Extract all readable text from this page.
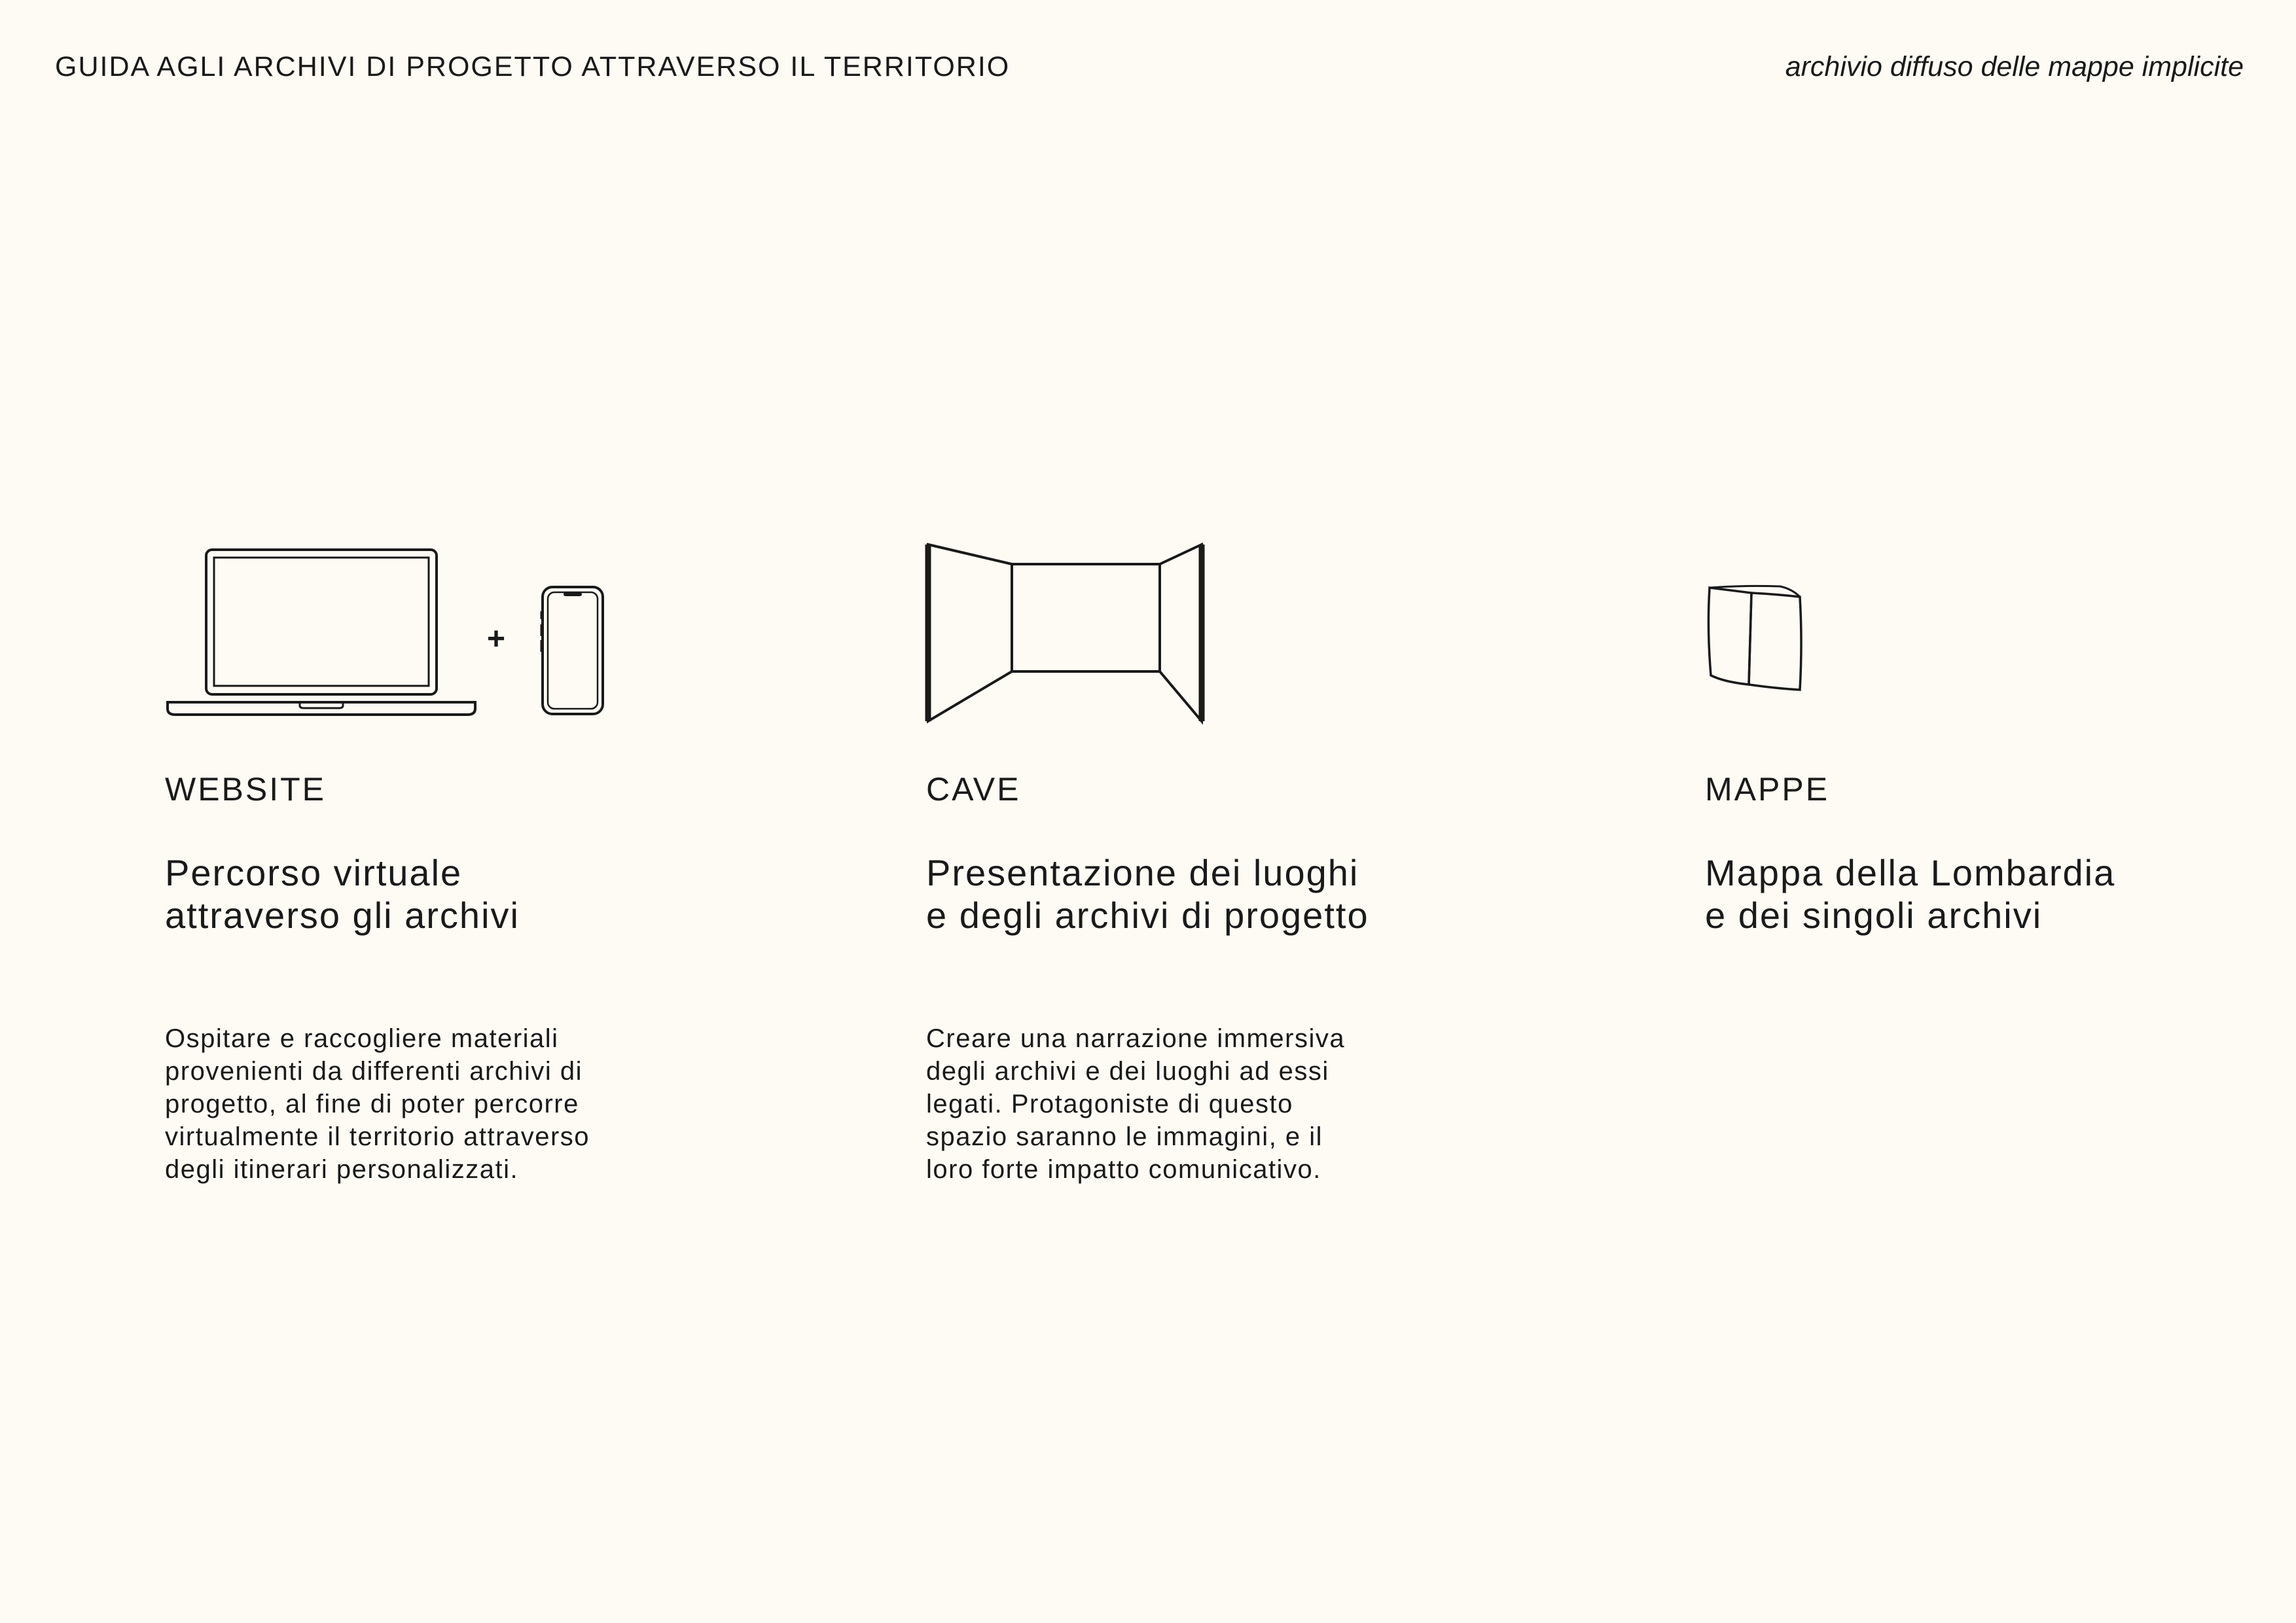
GUIDA AGLI ARCHIVI DI PROGETTO ATTRAVERSO IL TERRITORIO	archivio diffuso delle mappe implicite
+
WEBSITE
Percorso virtuale
attraverso gli archivi
Ospitare e raccogliere materiali
provenienti da differenti archivi di
progetto, al fine di poter percorre
virtualmente il territorio attraverso
degli itinerari personalizzati.
CAVE
Presentazione dei luoghi
e degli archivi di progetto
Creare una narrazione immersiva
degli archivi e dei luoghi ad essi
legati. Protagoniste di questo
spazio saranno le immagini, e il
loro forte impatto comunicativo.
MAPPE
Mappa della Lombardia
e dei singoli archivi
